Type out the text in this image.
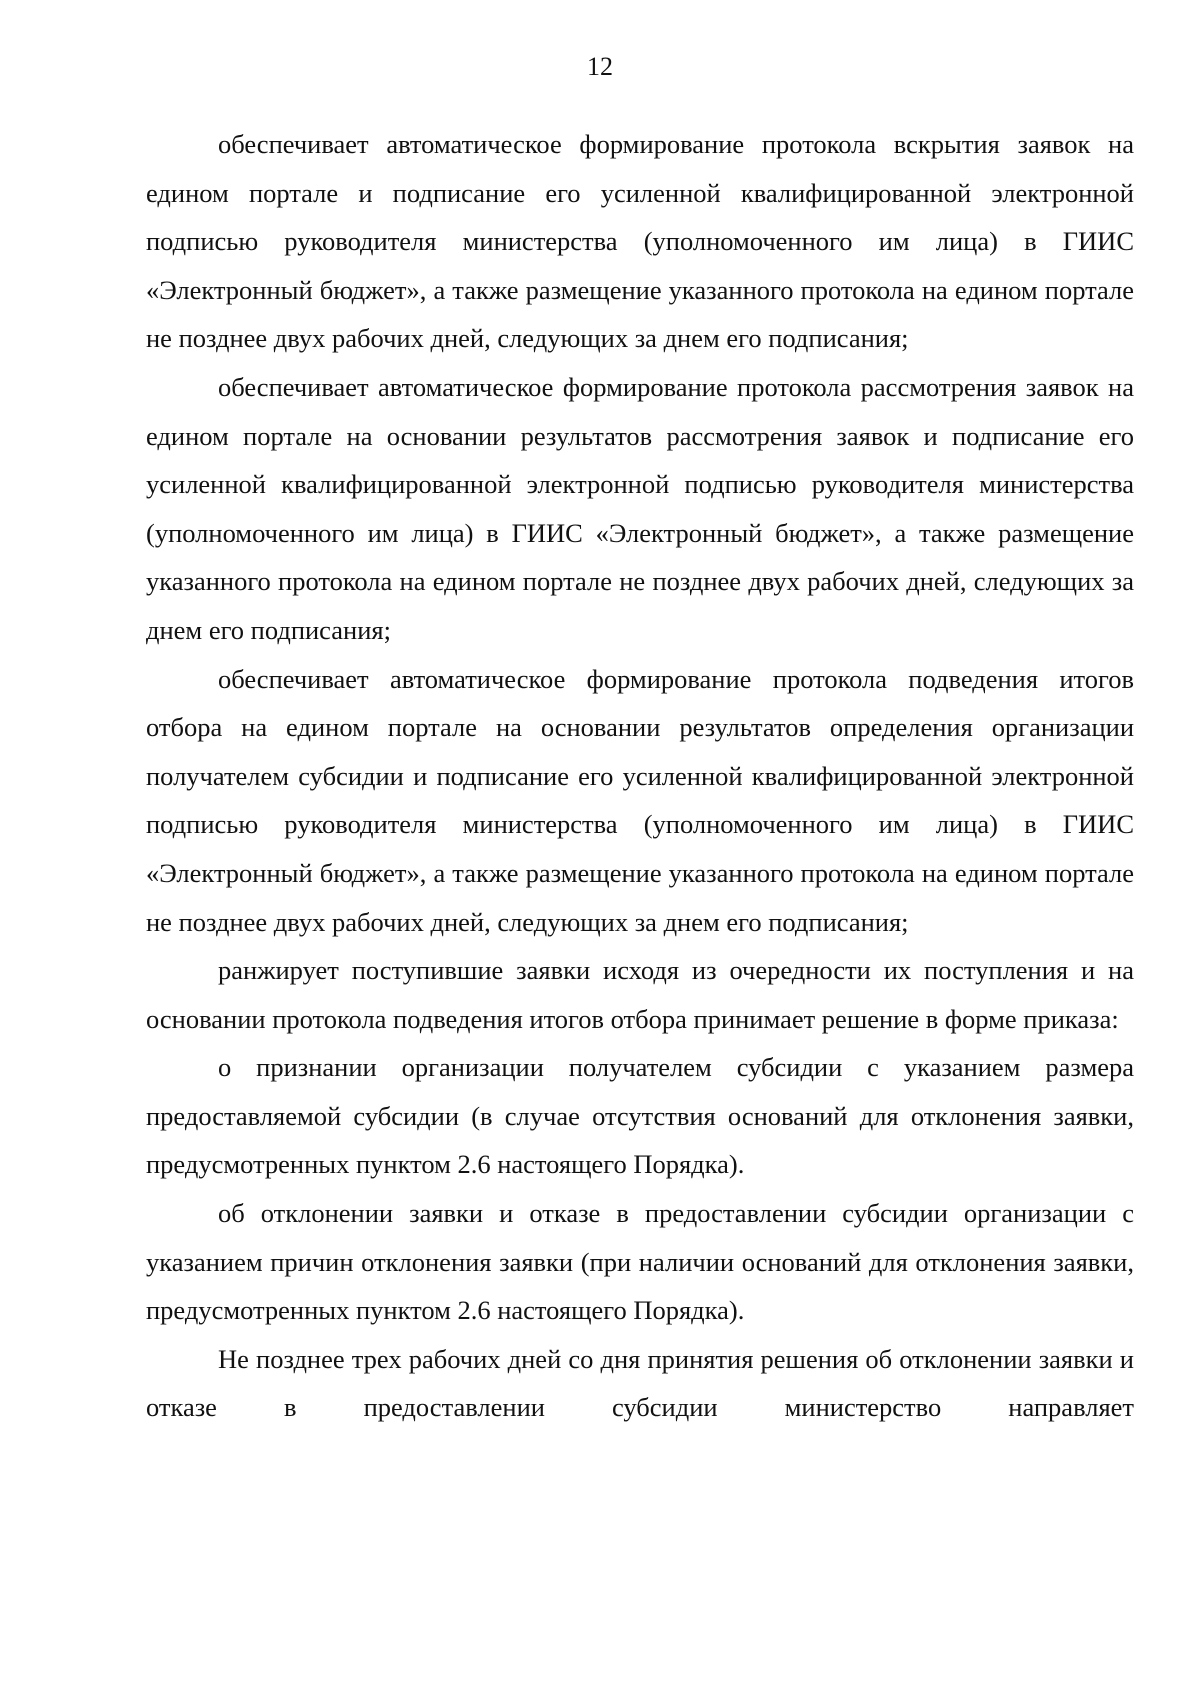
12

обеспечивает автоматическое формирование протокола вскрытия заявок на едином портале и подписание его усиленной квалифицированной электронной подписью руководителя министерства (уполномоченного им лица) в ГИИС «Электронный бюджет», а также размещение указанного протокола на едином портале не позднее двух рабочих дней, следующих за днем его подписания;

обеспечивает автоматическое формирование протокола рассмотрения заявок на едином портале на основании результатов рассмотрения заявок и подписание его усиленной квалифицированной электронной подписью руководителя министерства (уполномоченного им лица) в ГИИС «Электронный бюджет», а также размещение указанного протокола на едином портале не позднее двух рабочих дней, следующих за днем его подписания;

обеспечивает автоматическое формирование протокола подведения итогов отбора на едином портале на основании результатов определения организации получателем субсидии и подписание его усиленной квалифицированной электронной подписью руководителя министерства (уполномоченного им лица) в ГИИС «Электронный бюджет», а также размещение указанного протокола на едином портале не позднее двух рабочих дней, следующих за днем его подписания;

ранжирует поступившие заявки исходя из очередности их поступления и на основании протокола подведения итогов отбора принимает решение в форме приказа:

о признании организации получателем субсидии с указанием размера предоставляемой субсидии (в случае отсутствия оснований для отклонения заявки, предусмотренных пунктом 2.6 настоящего Порядка).

об отклонении заявки и отказе в предоставлении субсидии организации с указанием причин отклонения заявки (при наличии оснований для отклонения заявки, предусмотренных пунктом 2.6 настоящего Порядка).

Не позднее трех рабочих дней со дня принятия решения об отклонении заявки и отказе в предоставлении субсидии министерство направляет
